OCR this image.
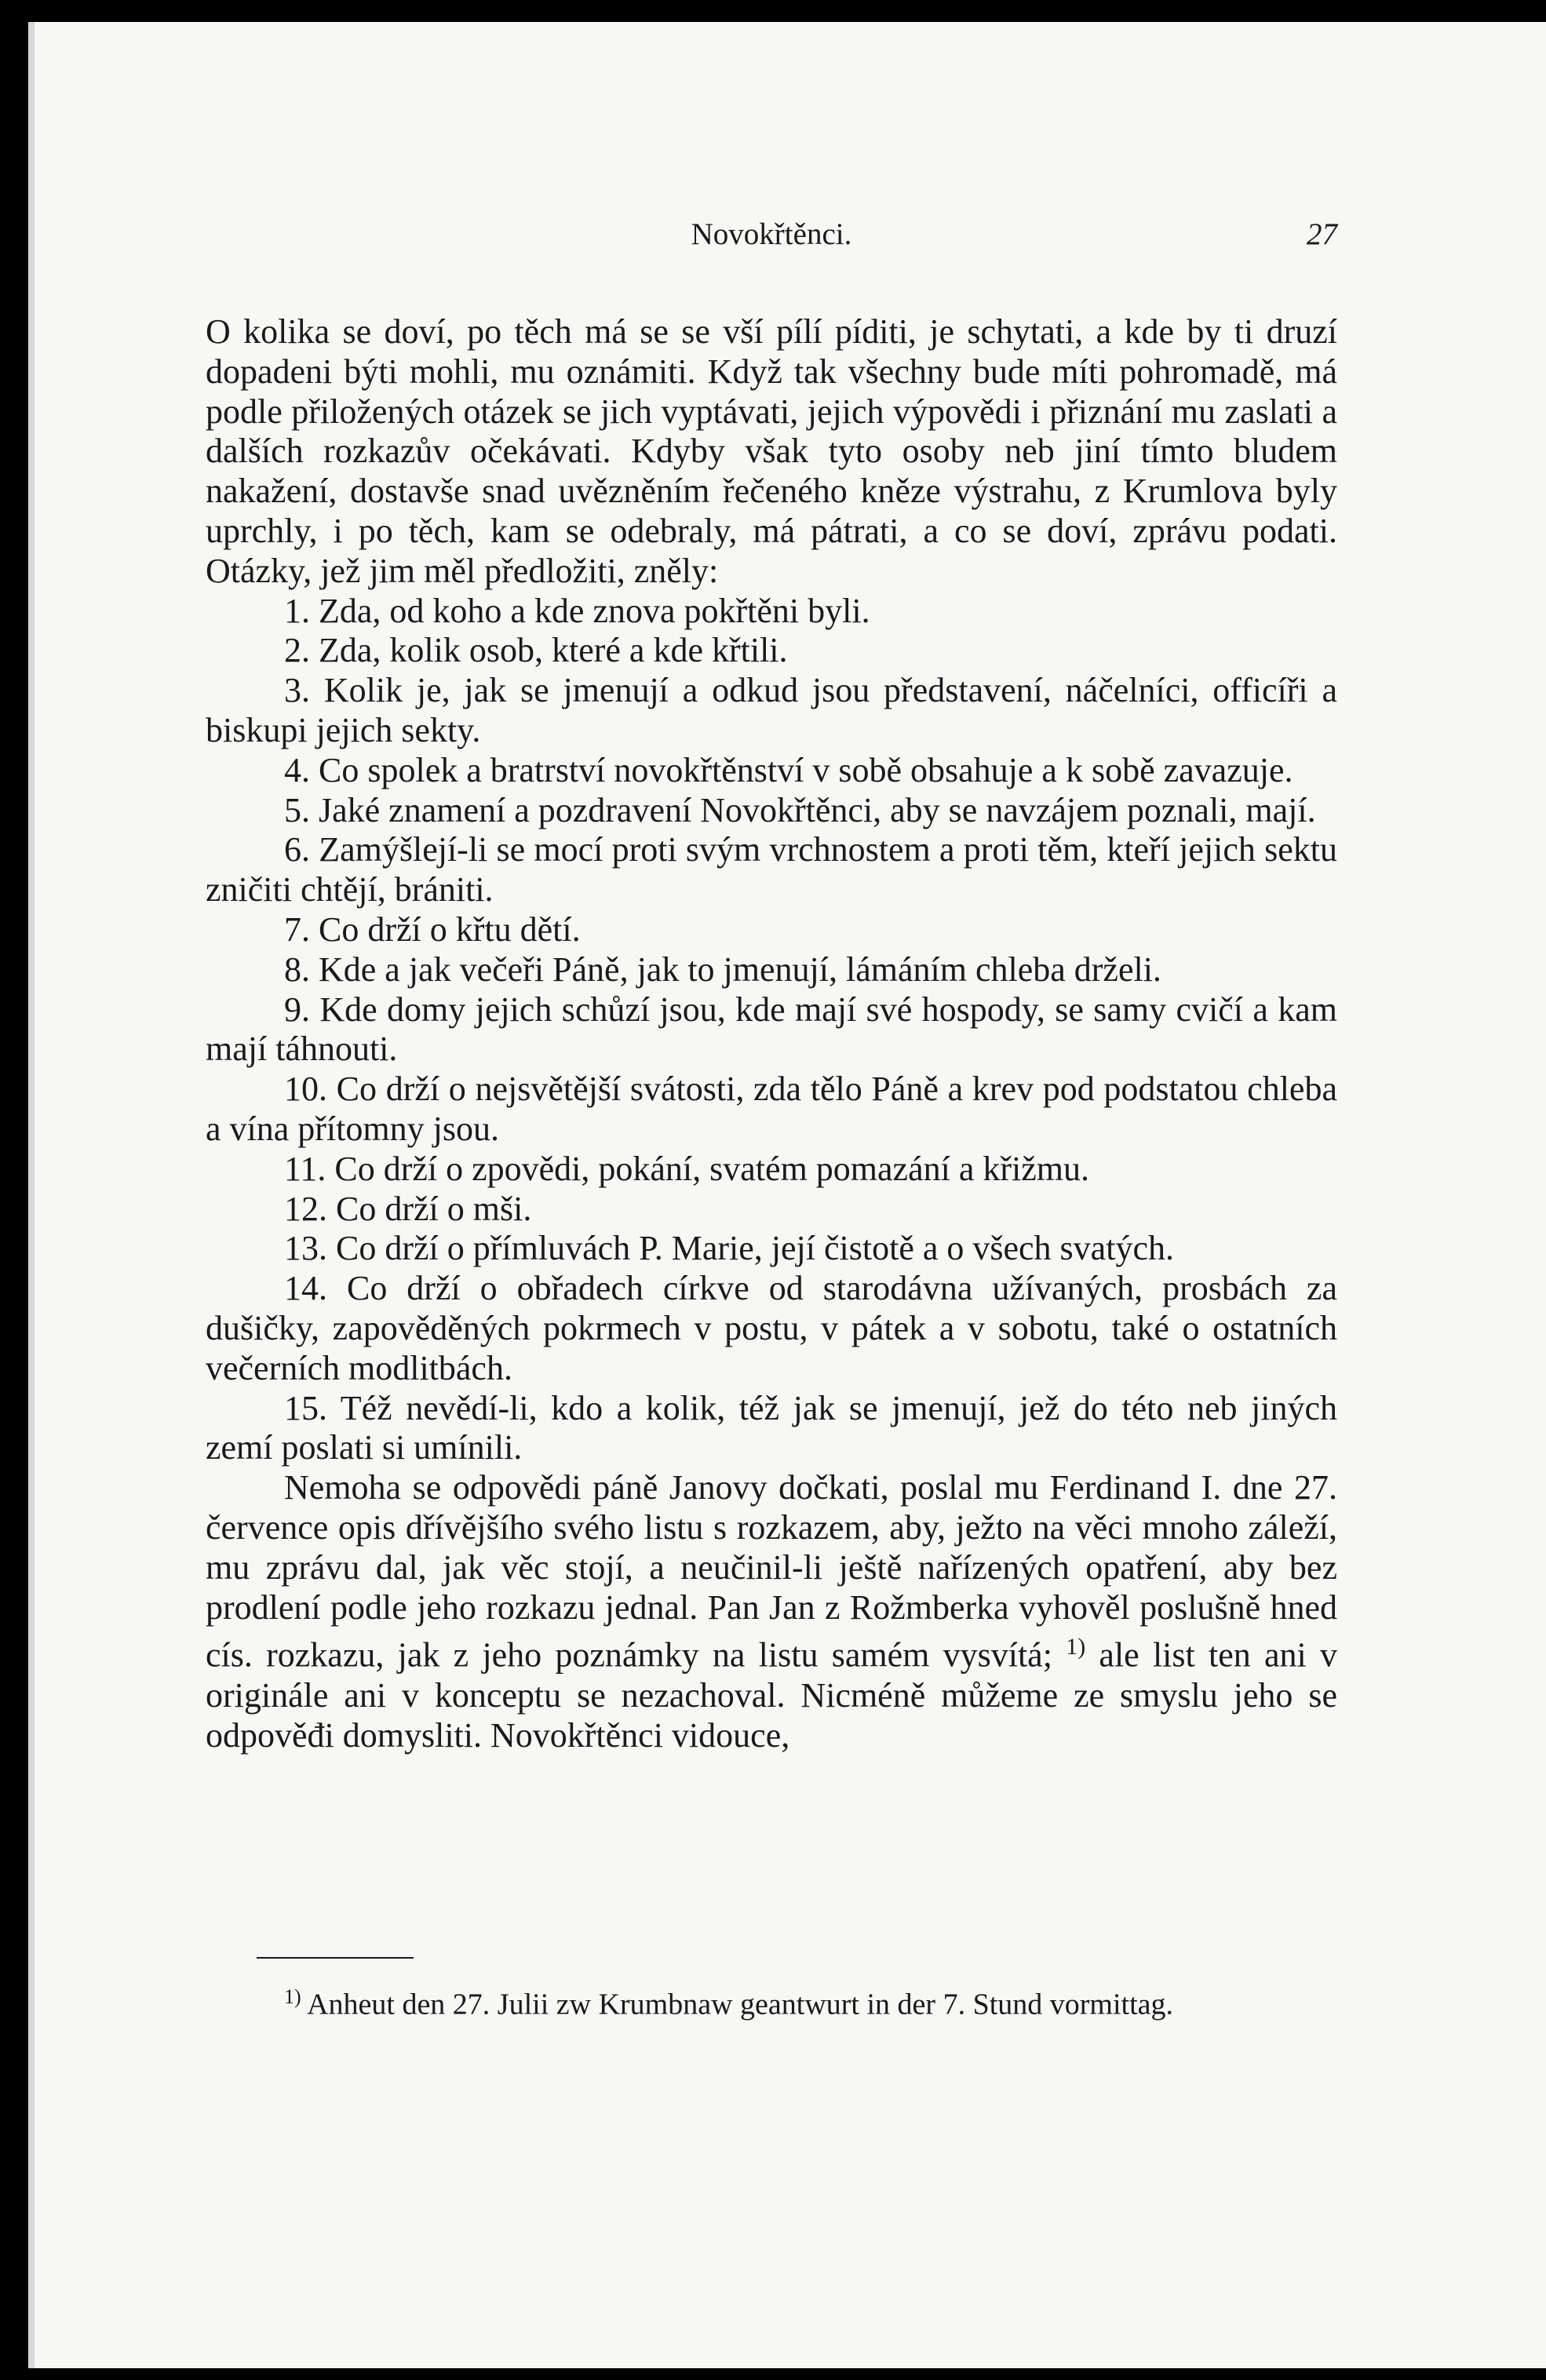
Novokřtěnci.	27

O kolika se doví, po těch má se se vší pílí píditi, je schytati, a kde by ti druzí dopadeni býti mohli, mu oznámiti. Když tak všechny bude míti pohromadě, má podle přiložených otázek se jich vyptávati, jejich výpovědi i přiznání mu zaslati a dalších rozkazův očekávati. Kdyby však tyto osoby neb jiní tímto bludem nakažení, dostavše snad uvězněním řečeného kněze výstrahu, z Krumlova byly uprchly, i po těch, kam se odebraly, má pátrati, a co se doví, zprávu podati. Otázky, jež jim měl předložiti, zněly:

1. Zda, od koho a kde znova pokřtěni byli.

2. Zda, kolik osob, které a kde křtili.

3. Kolik je, jak se jmenují a odkud jsou představení, náčelníci, officíři a biskupi jejich sekty.

4. Co spolek a bratrství novokřtěnství v sobě obsahuje a k sobě zavazuje.

5. Jaké znamení a pozdravení Novokřtěnci, aby se navzájem poznali, mají.

6. Zamýšlejí-li se mocí proti svým vrchnostem a proti těm, kteří jejich sektu zničiti chtějí, brániti.

7. Co drží o křtu dětí.

8. Kde a jak večeři Páně, jak to jmenují, lámáním chleba drželi.

9. Kde domy jejich schůzí jsou, kde mají své hospody, se samy cvičí a kam mají táhnouti.

10. Co drží o nejsvětější svátosti, zda tělo Páně a krev pod podstatou chleba a vína přítomny jsou.

11. Co drží o zpovědi, pokání, svatém pomazání a křižmu.

12. Co drží o mši.

13. Co drží o přímluvách P. Marie, její čistotě a o všech svatých.

14. Co drží o obřadech církve od starodávna užívaných, prosbách za dušičky, zapověděných pokrmech v postu, v pátek a v sobotu, také o ostatních večerních modlitbách.

15. Též nevědí-li, kdo a kolik, též jak se jmenují, jež do této neb jiných zemí poslati si umínili.

Nemoha se odpovědi páně Janovy dočkati, poslal mu Ferdinand I. dne 27. července opis dřívějšího svého listu s rozkazem, aby, ježto na věci mnoho záleží, mu zprávu dal, jak věc stojí, a neučinil-li ještě nařízených opatření, aby bez prodlení podle jeho rozkazu jednal. Pan Jan z Rožmberka vyhověl poslušně hned cís. rozkazu, jak z jeho poznámky na listu samém vysvítá; $^{1)}$ ale list ten ani v originále ani v konceptu se nezachoval. Nicméně můžeme ze smyslu jeho se odpověđi domysliti. Novokřtěnci vidouce,

$^{1)}$ Anheut den 27. Julii zw Krumbnaw geantwurt in der 7. Stund vormittag.
